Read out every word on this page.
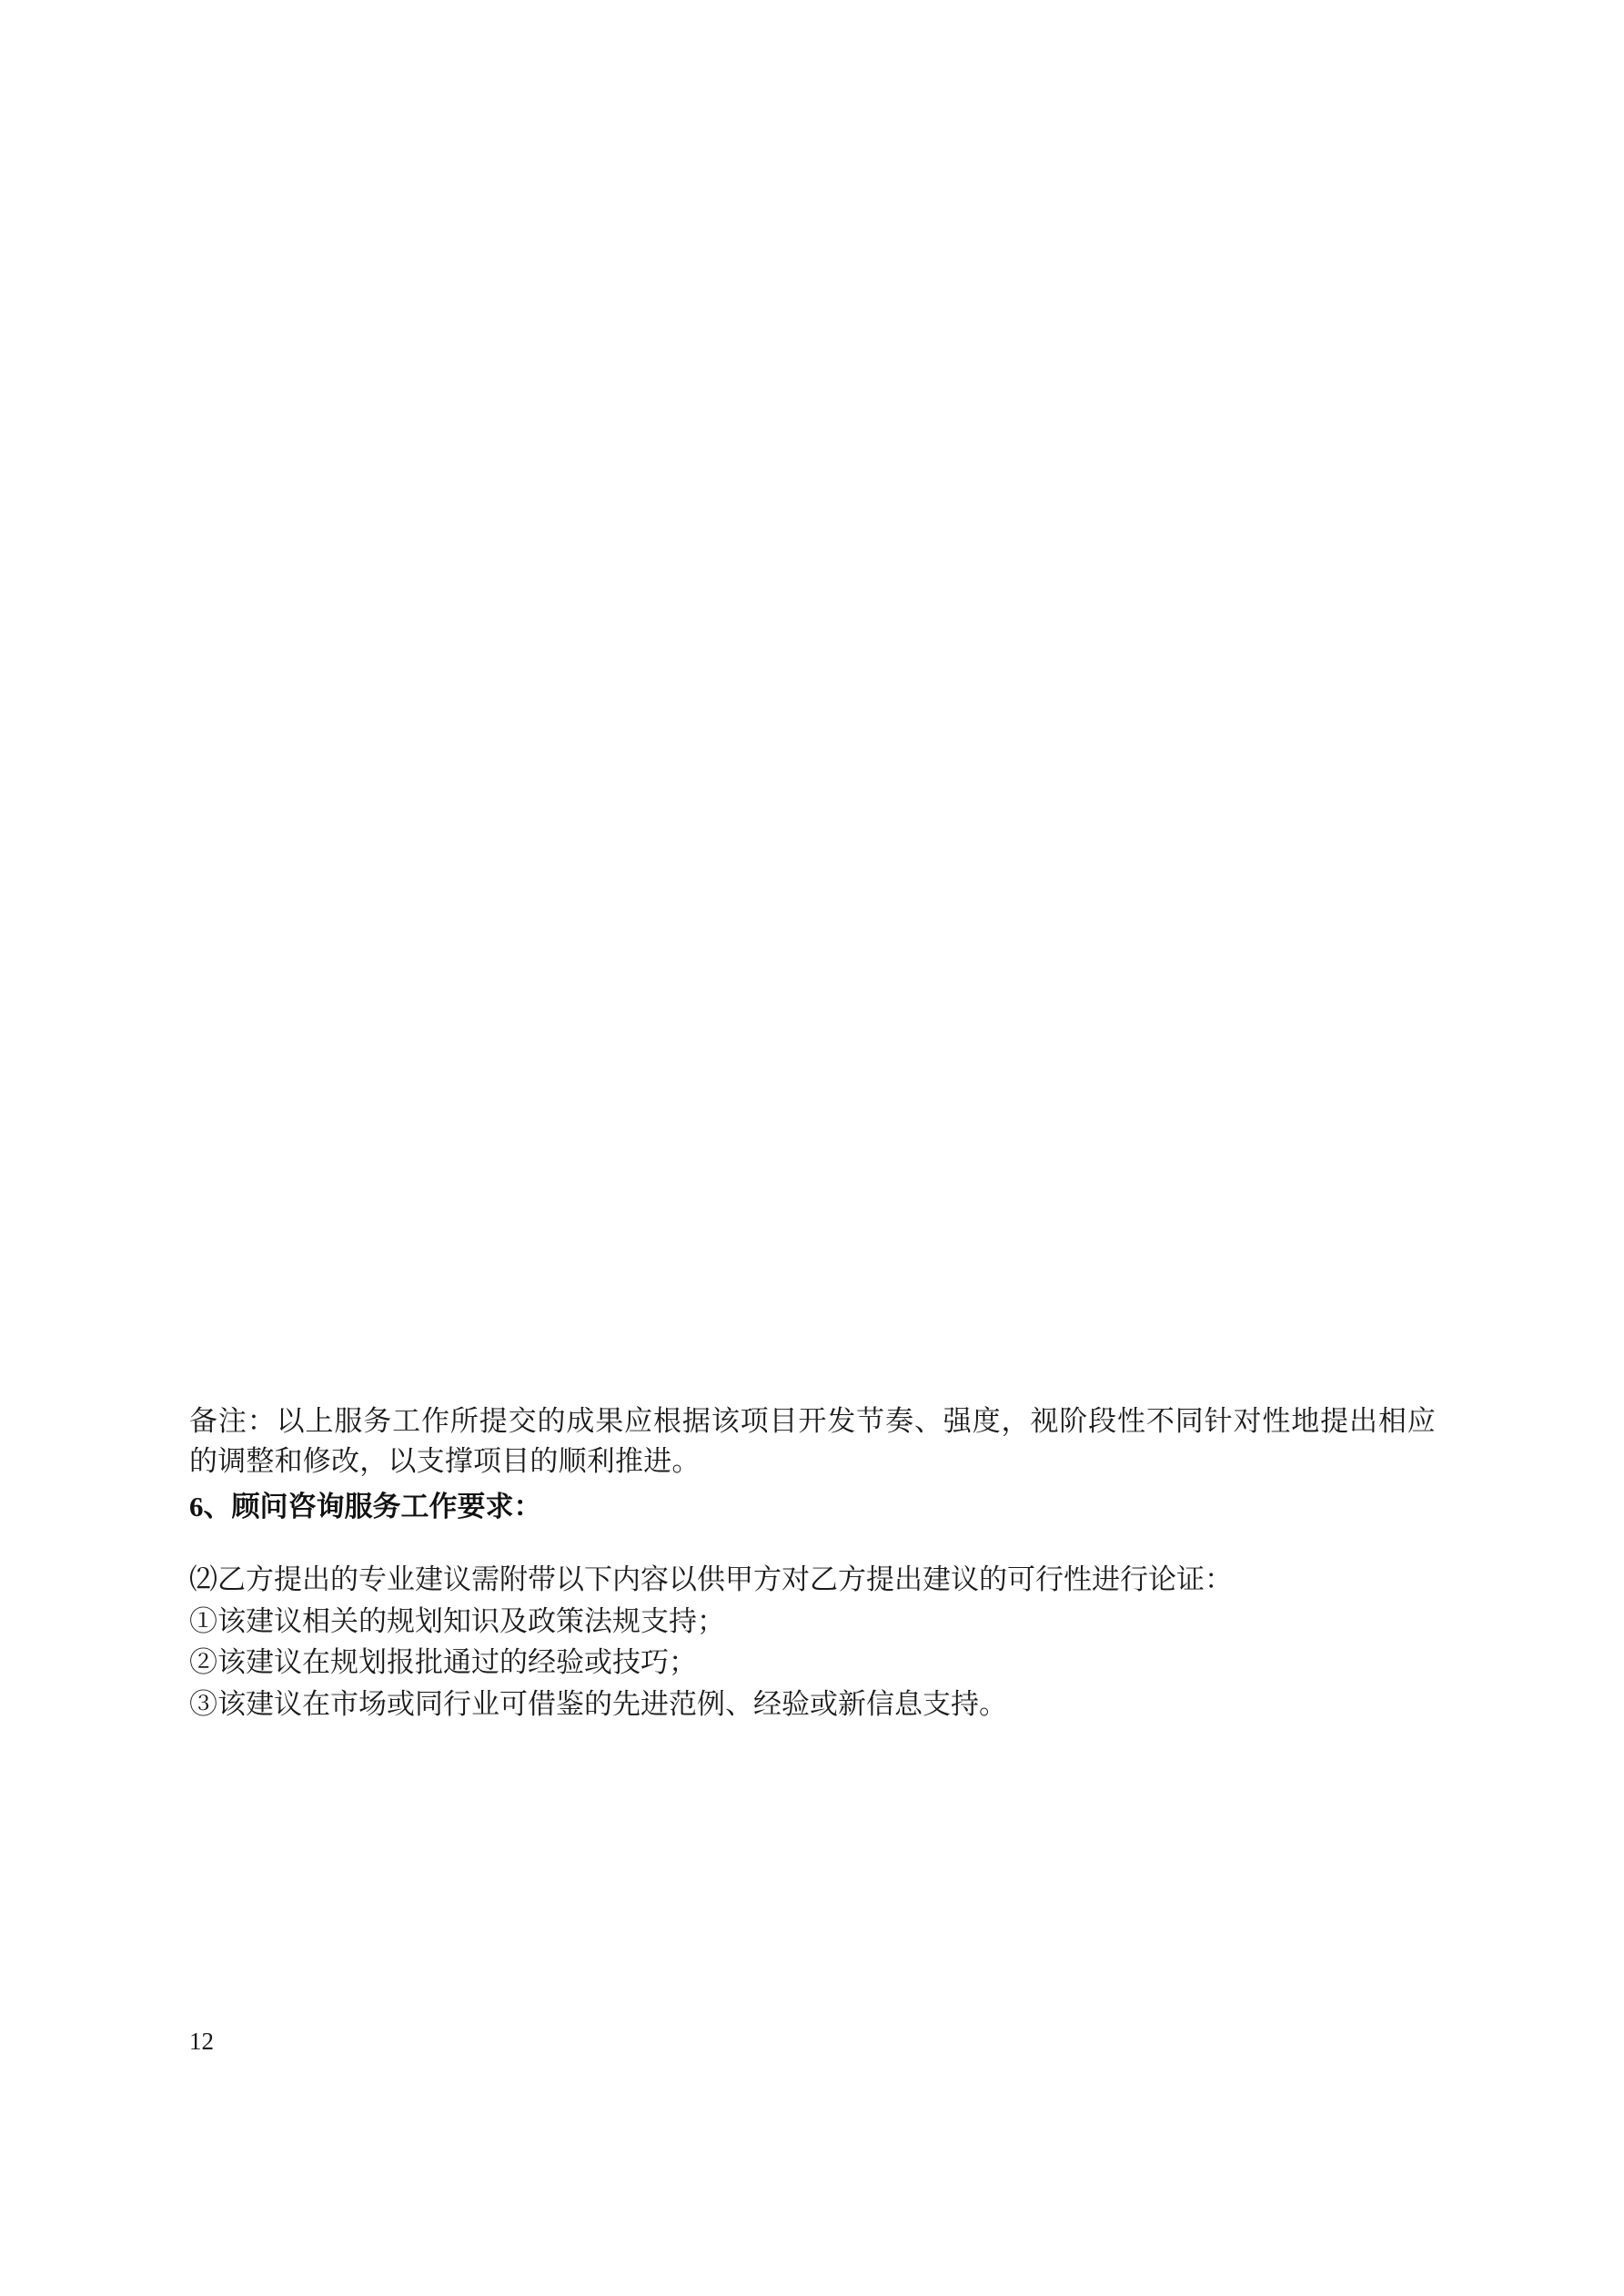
备注：以上服务工作所提交的成果应根据该项目开发节奏、强度，视阶段性不同针对性地提出相应的调整和修改，以支撑项目的顺利推进。

6、顾问咨询服务工作要求：

⑵乙方提出的专业建议需附带以下内容以供甲方对乙方提出建议的可行性进行论证：

①该建议相关的规划知识及政策法规支持；

②该建议在规划报批通过的经验或技巧；

③该建议在市场或同行业可借鉴的先进范例、经验或新信息支持。

12
